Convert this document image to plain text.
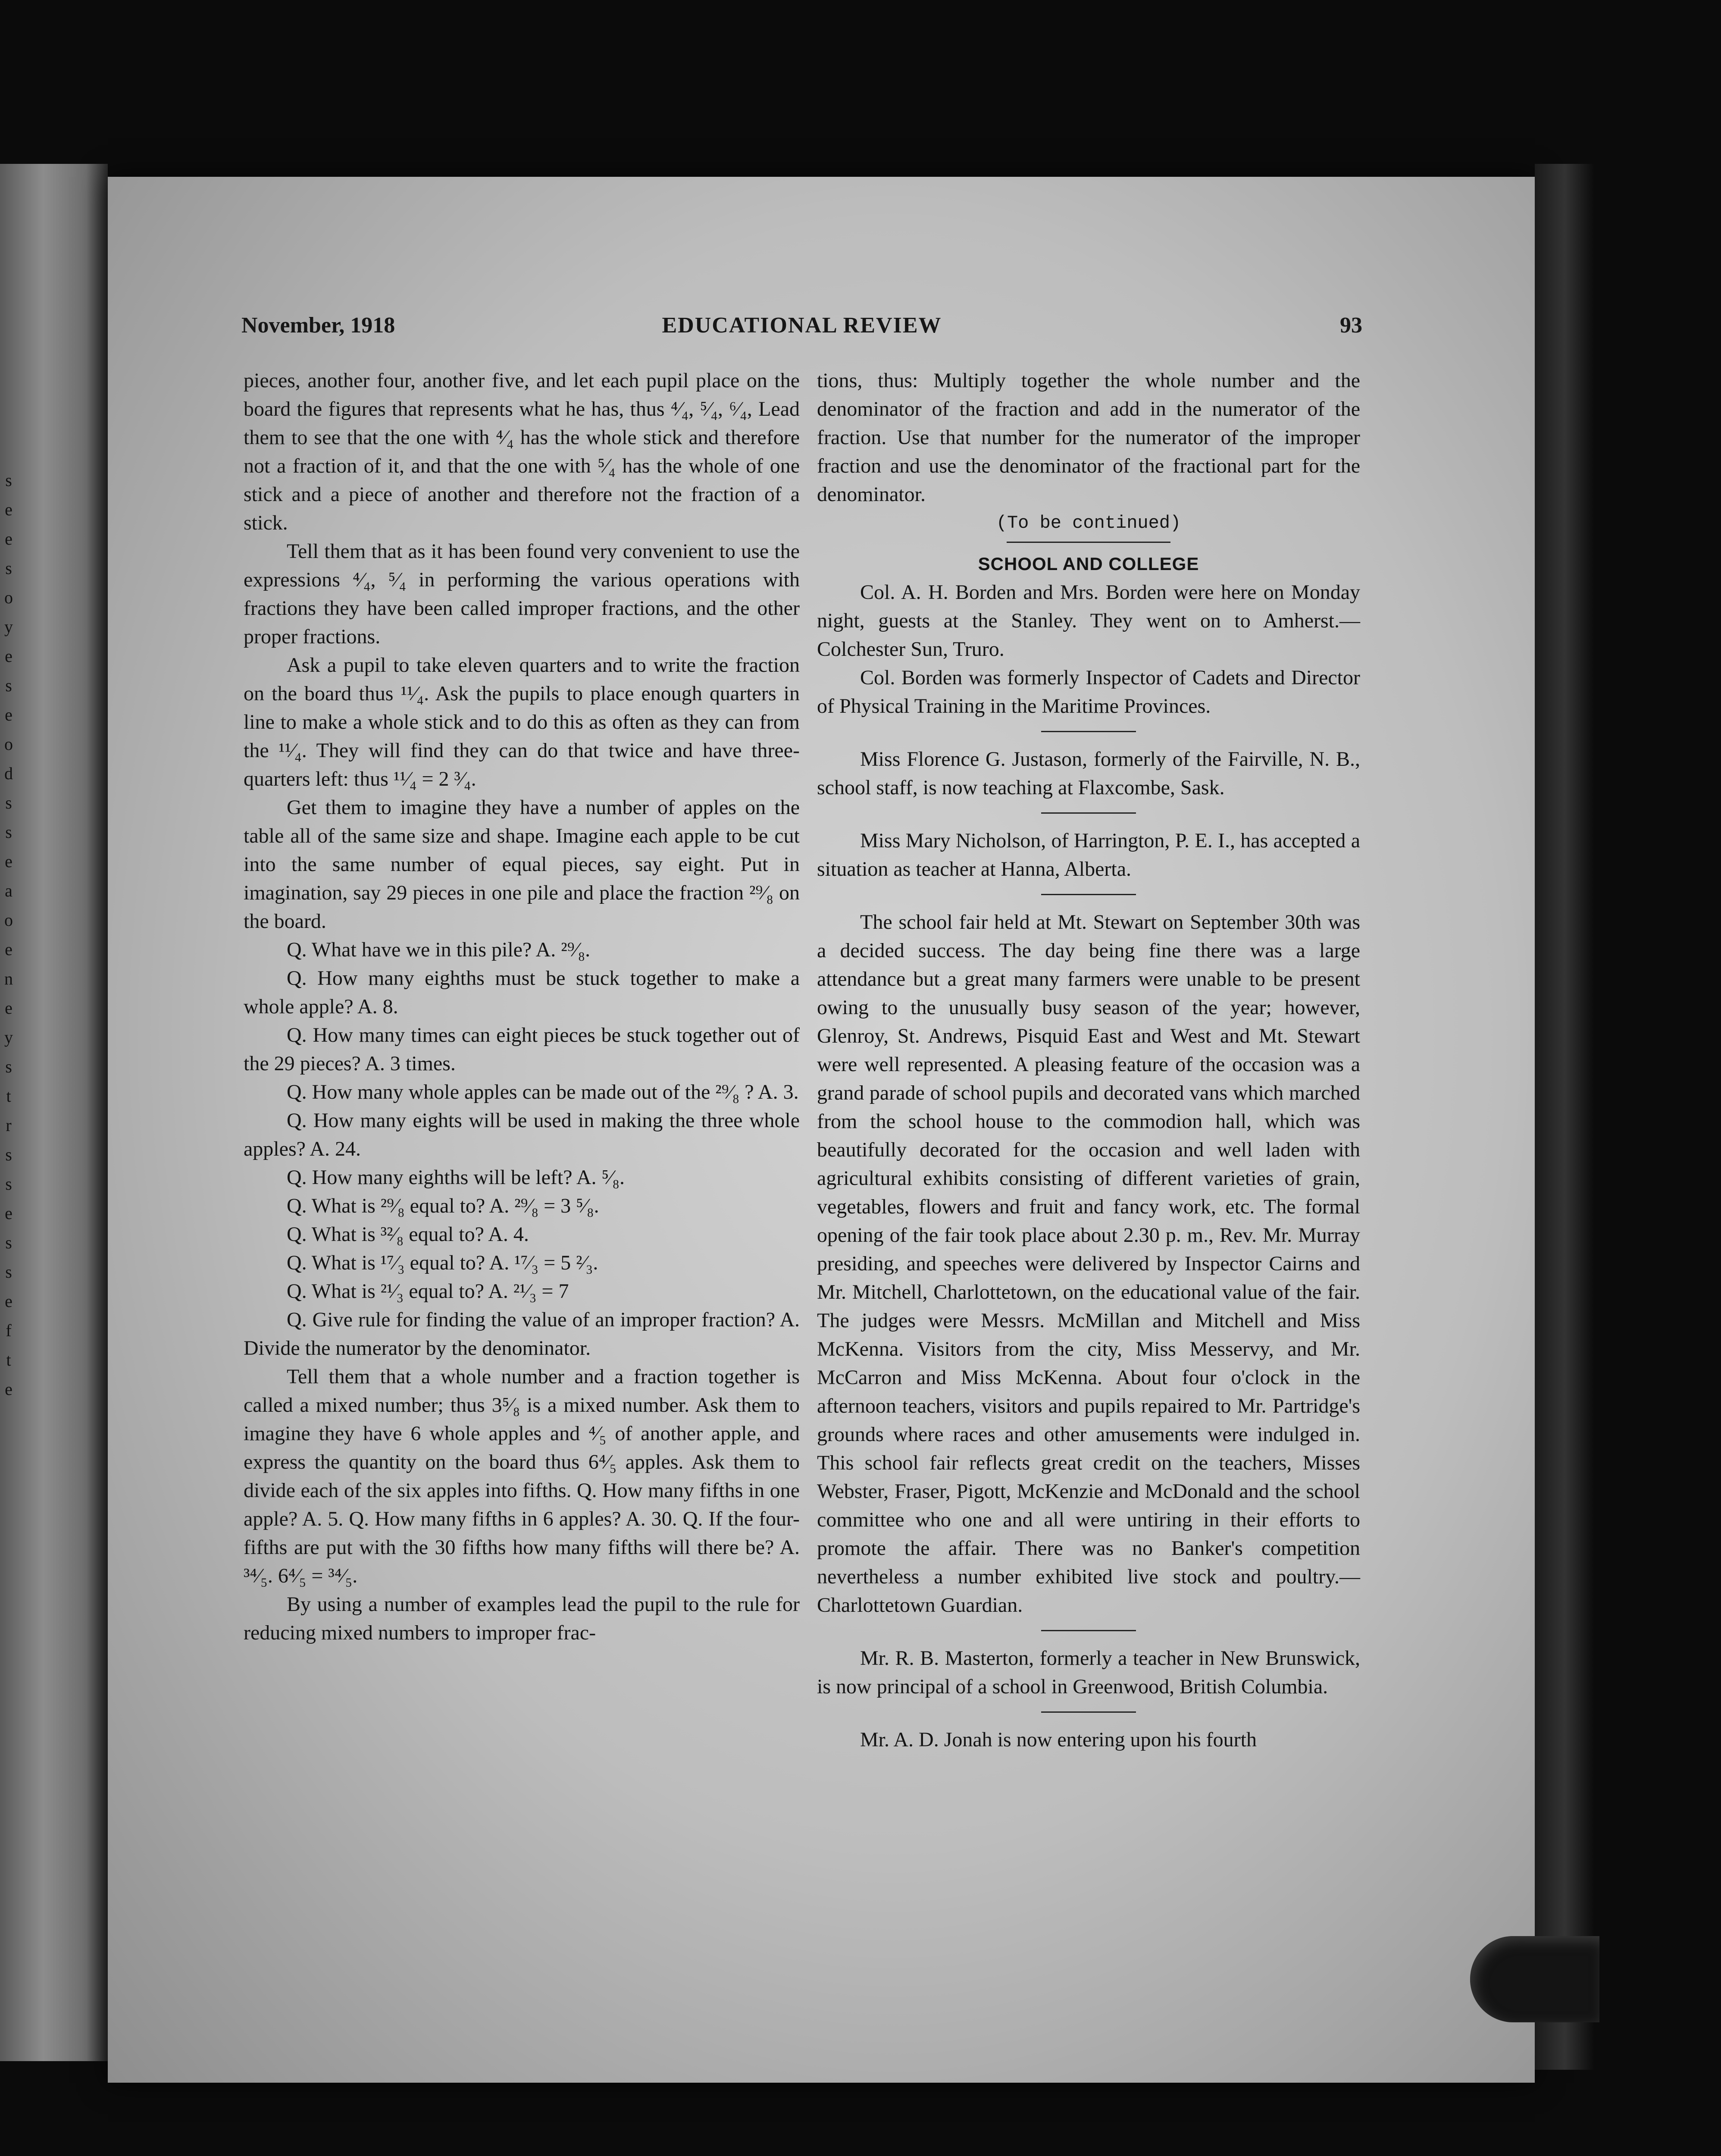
s
e
e
s
o
y
e
s
e
o
d
s
s
e
a
o
e
n
e
y
s
t
r
s
s
e
s
s
e
f
t
e
November, 1918	EDUCATIONAL REVIEW	93

pieces, another four, another five, and let each pupil place on the board the figures that represents what he has, thus ⁴⁄₄, ⁵⁄₄, ⁶⁄₄, Lead them to see that the one with ⁴⁄₄ has the whole stick and therefore not a fraction of it, and that the one with ⁵⁄₄ has the whole of one stick and a piece of another and therefore not the fraction of a stick.

Tell them that as it has been found very convenient to use the expressions ⁴⁄₄, ⁵⁄₄ in performing the various operations with fractions they have been called improper fractions, and the other proper fractions.

Ask a pupil to take eleven quarters and to write the fraction on the board thus ¹¹⁄₄. Ask the pupils to place enough quarters in line to make a whole stick and to do this as often as they can from the ¹¹⁄₄. They will find they can do that twice and have three-quarters left: thus ¹¹⁄₄ = 2 ³⁄₄.

Get them to imagine they have a number of apples on the table all of the same size and shape. Imagine each apple to be cut into the same number of equal pieces, say eight. Put in imagination, say 29 pieces in one pile and place the fraction ²⁹⁄₈ on the board.

Q. What have we in this pile? A. ²⁹⁄₈.

Q. How many eighths must be stuck together to make a whole apple? A. 8.

Q. How many times can eight pieces be stuck together out of the 29 pieces? A. 3 times.

Q. How many whole apples can be made out of the ²⁹⁄₈ ? A. 3.

Q. How many eights will be used in making the three whole apples? A. 24.

Q. How many eighths will be left? A. ⁵⁄₈.

Q. What is ²⁹⁄₈ equal to? A. ²⁹⁄₈ = 3 ⁵⁄₈.

Q. What is ³²⁄₈ equal to? A. 4.

Q. What is ¹⁷⁄₃ equal to? A. ¹⁷⁄₃ = 5 ²⁄₃.

Q. What is ²¹⁄₃ equal to? A. ²¹⁄₃ = 7

Q. Give rule for finding the value of an improper fraction? A. Divide the numerator by the denominator.

Tell them that a whole number and a fraction together is called a mixed number; thus 3⁵⁄₈ is a mixed number. Ask them to imagine they have 6 whole apples and ⁴⁄₅ of another apple, and express the quantity on the board thus 6⁴⁄₅ apples. Ask them to divide each of the six apples into fifths. Q. How many fifths in one apple? A. 5. Q. How many fifths in 6 apples? A. 30. Q. If the four-fifths are put with the 30 fifths how many fifths will there be? A. ³⁴⁄₅. 6⁴⁄₅ = ³⁴⁄₅.

By using a number of examples lead the pupil to the rule for reducing mixed numbers to improper frac-

tions, thus: Multiply together the whole number and the denominator of the fraction and add in the numerator of the fraction. Use that number for the numerator of the improper fraction and use the denominator of the fractional part for the denominator.

(To be continued)

SCHOOL AND COLLEGE

Col. A. H. Borden and Mrs. Borden were here on Monday night, guests at the Stanley. They went on to Amherst.—Colchester Sun, Truro.

Col. Borden was formerly Inspector of Cadets and Director of Physical Training in the Maritime Provinces.

Miss Florence G. Justason, formerly of the Fairville, N. B., school staff, is now teaching at Flaxcombe, Sask.

Miss Mary Nicholson, of Harrington, P. E. I., has accepted a situation as teacher at Hanna, Alberta.

The school fair held at Mt. Stewart on September 30th was a decided success. The day being fine there was a large attendance but a great many farmers were unable to be present owing to the unusually busy season of the year; however, Glenroy, St. Andrews, Pisquid East and West and Mt. Stewart were well represented. A pleasing feature of the occasion was a grand parade of school pupils and decorated vans which marched from the school house to the commodion hall, which was beautifully decorated for the occasion and well laden with agricultural exhibits consisting of different varieties of grain, vegetables, flowers and fruit and fancy work, etc. The formal opening of the fair took place about 2.30 p. m., Rev. Mr. Murray presiding, and speeches were delivered by Inspector Cairns and Mr. Mitchell, Charlottetown, on the educational value of the fair. The judges were Messrs. McMillan and Mitchell and Miss McKenna. Visitors from the city, Miss Messervy, and Mr. McCarron and Miss McKenna. About four o'clock in the afternoon teachers, visitors and pupils repaired to Mr. Partridge's grounds where races and other amusements were indulged in. This school fair reflects great credit on the teachers, Misses Webster, Fraser, Pigott, McKenzie and McDonald and the school committee who one and all were untiring in their efforts to promote the affair. There was no Banker's competition nevertheless a number exhibited live stock and poultry.—Charlottetown Guardian.

Mr. R. B. Masterton, formerly a teacher in New Brunswick, is now principal of a school in Greenwood, British Columbia.

Mr. A. D. Jonah is now entering upon his fourth
